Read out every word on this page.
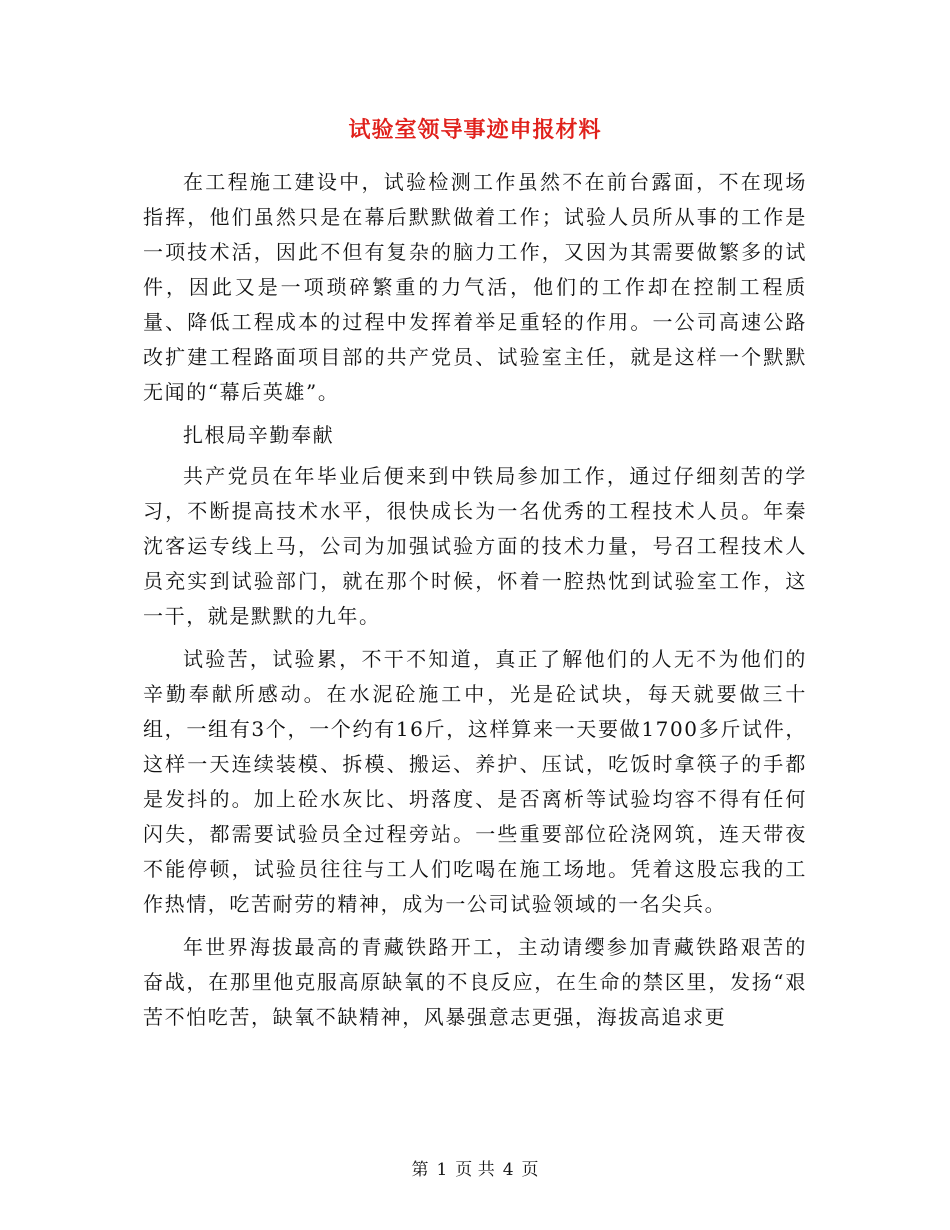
试验室领导事迹申报材料

在工程施工建设中，试验检测工作虽然不在前台露面，不在现场指挥，他们虽然只是在幕后默默做着工作；试验人员所从事的工作是一项技术活，因此不但有复杂的脑力工作，又因为其需要做繁多的试件，因此又是一项琐碎繁重的力气活，他们的工作却在控制工程质量、降低工程成本的过程中发挥着举足重轻的作用。一公司高速公路改扩建工程路面项目部的共产党员、试验室主任，就是这样一个默默无闻的“幕后英雄”。

扎根局辛勤奉献

共产党员在年毕业后便来到中铁局参加工作，通过仔细刻苦的学习，不断提高技术水平，很快成长为一名优秀的工程技术人员。年秦沈客运专线上马，公司为加强试验方面的技术力量，号召工程技术人员充实到试验部门，就在那个时候，怀着一腔热忱到试验室工作，这一干，就是默默的九年。

试验苦，试验累，不干不知道，真正了解他们的人无不为他们的辛勤奉献所感动。在水泥砼施工中，光是砼试块，每天就要做三十组，一组有3个，一个约有16斤，这样算来一天要做1700多斤试件，这样一天连续装模、拆模、搬运、养护、压试，吃饭时拿筷子的手都是发抖的。加上砼水灰比、坍落度、是否离析等试验均容不得有任何闪失，都需要试验员全过程旁站。一些重要部位砼浇网筑，连天带夜不能停顿，试验员往往与工人们吃喝在施工场地。凭着这股忘我的工作热情，吃苦耐劳的精神，成为一公司试验领域的一名尖兵。

年世界海拔最高的青藏铁路开工，主动请缨参加青藏铁路艰苦的奋战，在那里他克服高原缺氧的不良反应，在生命的禁区里，发扬“艰苦不怕吃苦，缺氧不缺精神，风暴强意志更强，海拔高追求更

第 1 页 共 4 页
